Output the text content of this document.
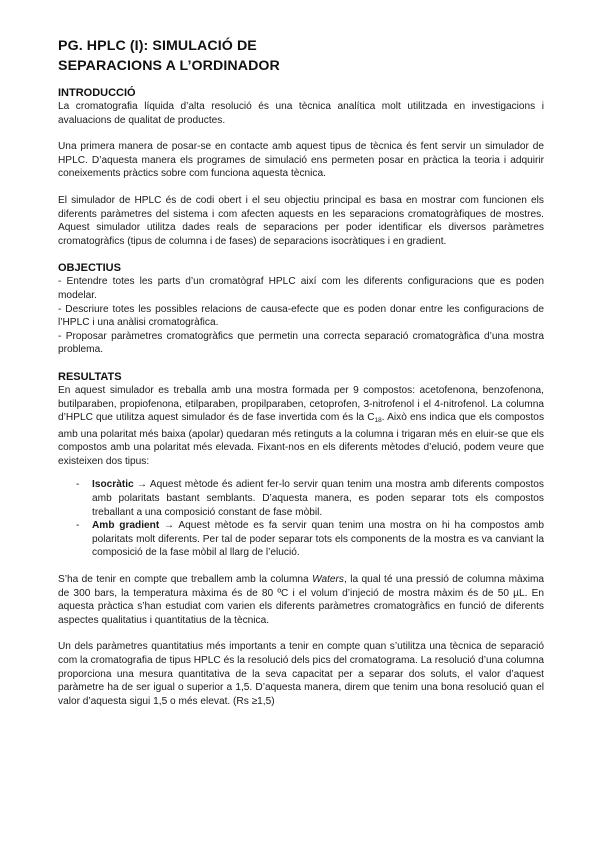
PG. HPLC (I): SIMULACIÓ DE
SEPARACIONS A L’ORDINADOR
INTRODUCCIÓ

La cromatografia líquida d’alta resolució és una tècnica analítica molt utilitzada en investigacions i avaluacions de qualitat de productes.

Una primera manera de posar-se en contacte amb aquest tipus de tècnica és fent servir un simulador de HPLC. D’aquesta manera els programes de simulació ens permeten posar en pràctica la teoria i adquirir coneixements pràctics sobre com funciona aquesta tècnica.

El simulador de HPLC és de codi obert i el seu objectiu principal es basa en mostrar com funcionen els diferents paràmetres del sistema i com afecten aquests en les separacions cromatogràfiques de mostres. Aquest simulador utilitza dades reals de separacions per poder identificar els diversos paràmetres cromatogràfics (tipus de columna i de fases) de separacions isocràtiques i en gradient.

OBJECTIUS

- Entendre totes les parts d’un cromatògraf HPLC així com les diferents configuracions que es poden modelar.

- Descriure totes les possibles relacions de causa-efecte que es poden donar entre les configuracions de l’HPLC i una anàlisi cromatogràfica.

- Proposar paràmetres cromatogràfics que permetin una correcta separació cromatogràfica d’una mostra problema.

RESULTATS

En aquest simulador es treballa amb una mostra formada per 9 compostos: acetofenona, benzofenona, butilparaben, propiofenona, etilparaben, propilparaben, cetoprofen, 3-nitrofenol i el 4-nitrofenol. La columna d’HPLC que utilitza aquest simulador és de fase invertida com és la $C_{18}$. Això ens indica que els compostos amb una polaritat més baixa (apolar) quedaran més retinguts a la columna i trigaran més en eluir-se que els compostos amb una polaritat més elevada. Fixant-nos en els diferents mètodes d’elució, podem veure que existeixen dos tipus:

- Isocràtic → Aquest mètode és adient fer-lo servir quan tenim una mostra amb diferents compostos amb polaritats bastant semblants. D’aquesta manera, es poden separar tots els compostos treballant a una composició constant de fase mòbil.
- Amb gradient → Aquest mètode es fa servir quan tenim una mostra on hi ha compostos amb polaritats molt diferents. Per tal de poder separar tots els components de la mostra es va canviant la composició de la fase mòbil al llarg de l’elució.

S’ha de tenir en compte que treballem amb la columna Waters, la qual té una pressió de columna màxima de 300 bars, la temperatura màxima és de 80 ºC i el volum d’injeció de mostra màxim és de 50 µL. En aquesta pràctica s’han estudiat com varien els diferents paràmetres cromatogràfics en funció de diferents aspectes qualitatius i quantitatius de la tècnica.

Un dels paràmetres quantitatius més importants a tenir en compte quan s’utilitza una tècnica de separació com la cromatografia de tipus HPLC és la resolució dels pics del cromatograma. La resolució d’una columna proporciona una mesura quantitativa de la seva capacitat per a separar dos soluts, el valor d’aquest paràmetre ha de ser igual o superior a 1,5. D’aquesta manera, direm que tenim una bona resolució quan el valor d’aquesta sigui 1,5 o més elevat. (Rs ≥1,5)
